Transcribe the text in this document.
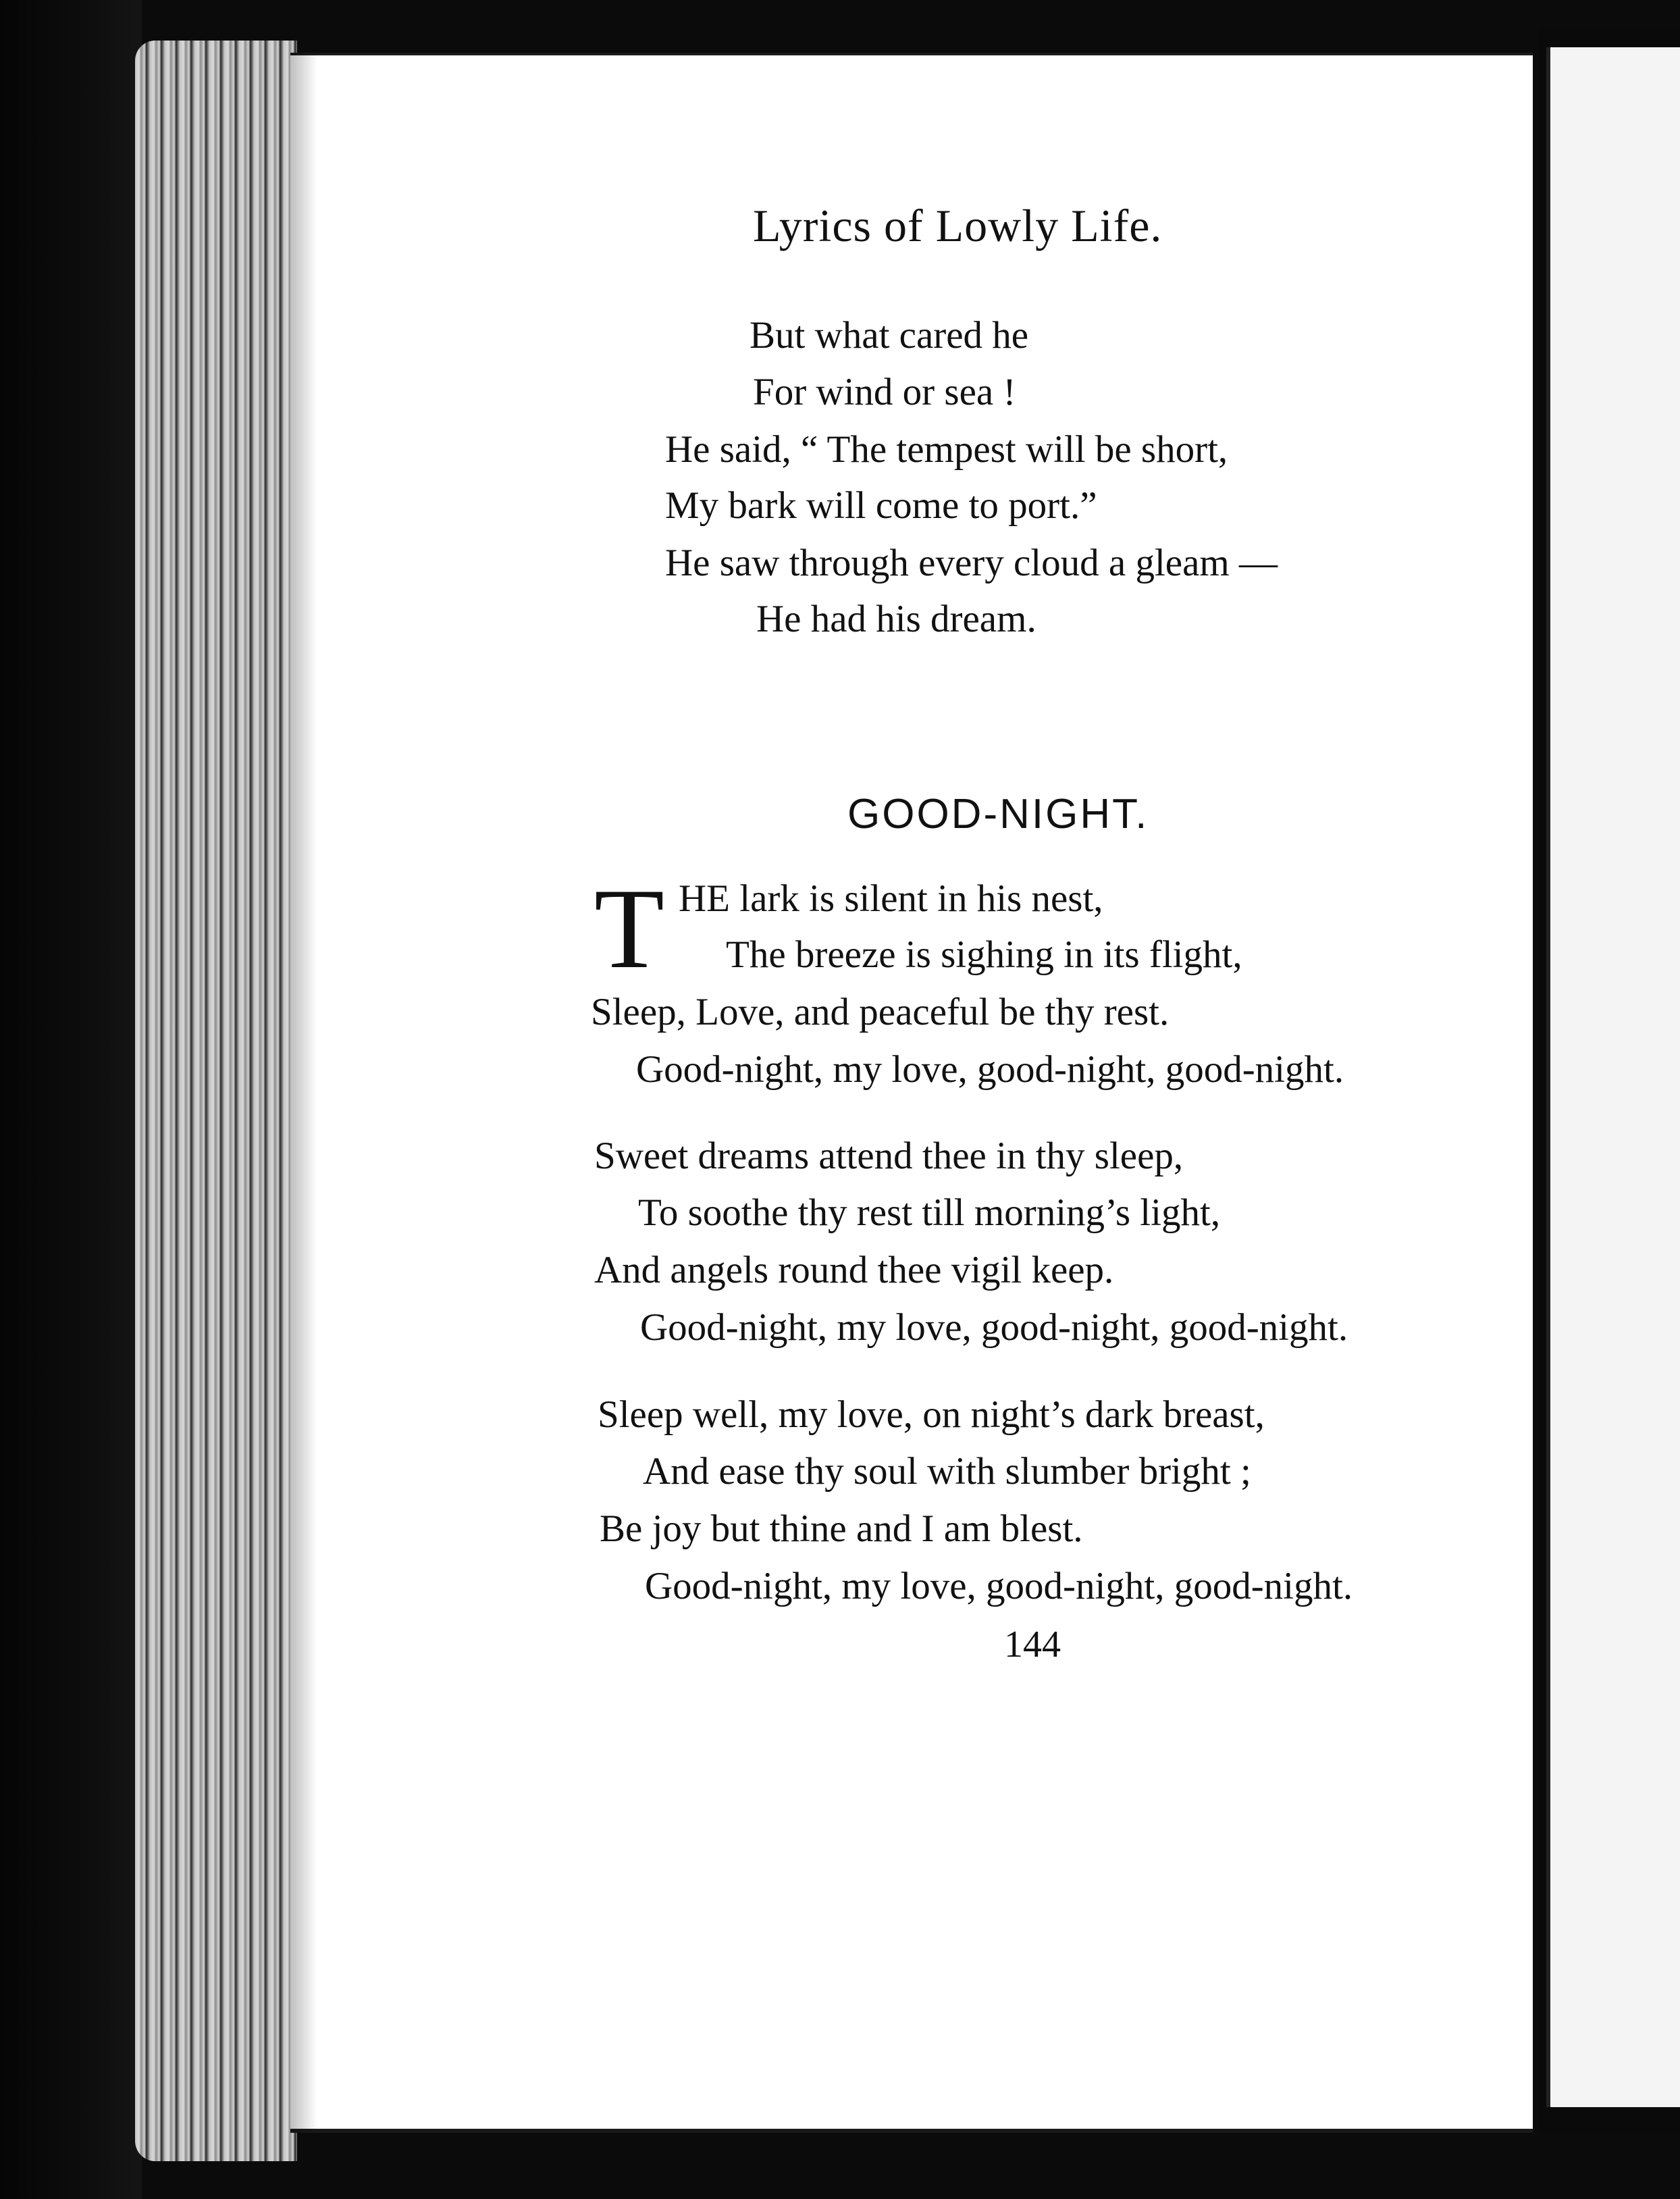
Lyrics of Lowly Life.
But what cared he
For wind or sea !
He said, “ The tempest will be short,
My bark will come to port.”
He saw through every cloud a gleam —
He had his dream.
GOOD-NIGHT.
T HE lark is silent in his nest,
The breeze is sighing in its flight,
Sleep, Love, and peaceful be thy rest.
Good-night, my love, good-night, good-night.
Sweet dreams attend thee in thy sleep,
To soothe thy rest till morning’s light,
And angels round thee vigil keep.
Good-night, my love, good-night, good-night.
Sleep well, my love, on night’s dark breast,
And ease thy soul with slumber bright ;
Be joy but thine and I am blest.
Good-night, my love, good-night, good-night.
144
